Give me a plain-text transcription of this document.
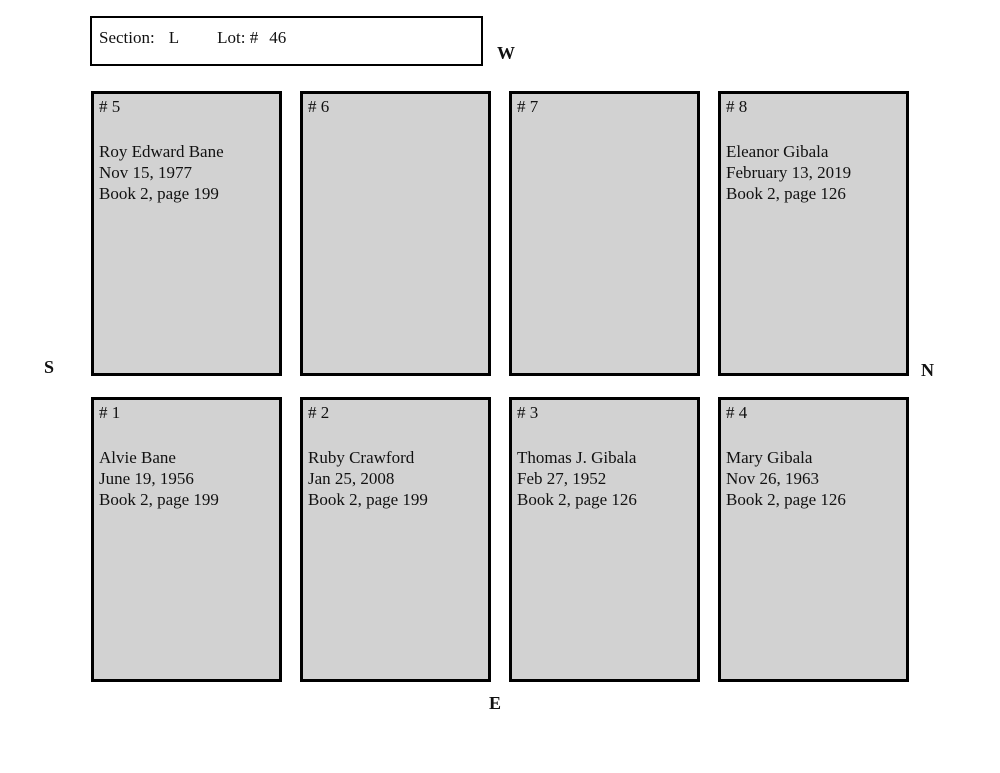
Section: L Lot: # 46
W
S	N
E
# 5
Roy Edward Bane
Nov 15, 1977
Book 2, page 199
# 6	# 7	# 8
Eleanor Gibala
February 13, 2019
Book 2, page 126
# 1
Alvie Bane
June 19, 1956
Book 2, page 199
# 2
Ruby Crawford
Jan 25, 2008
Book 2, page 199
# 3
Thomas J. Gibala
Feb 27, 1952
Book 2, page 126
# 4
Mary Gibala
Nov 26, 1963
Book 2, page 126
